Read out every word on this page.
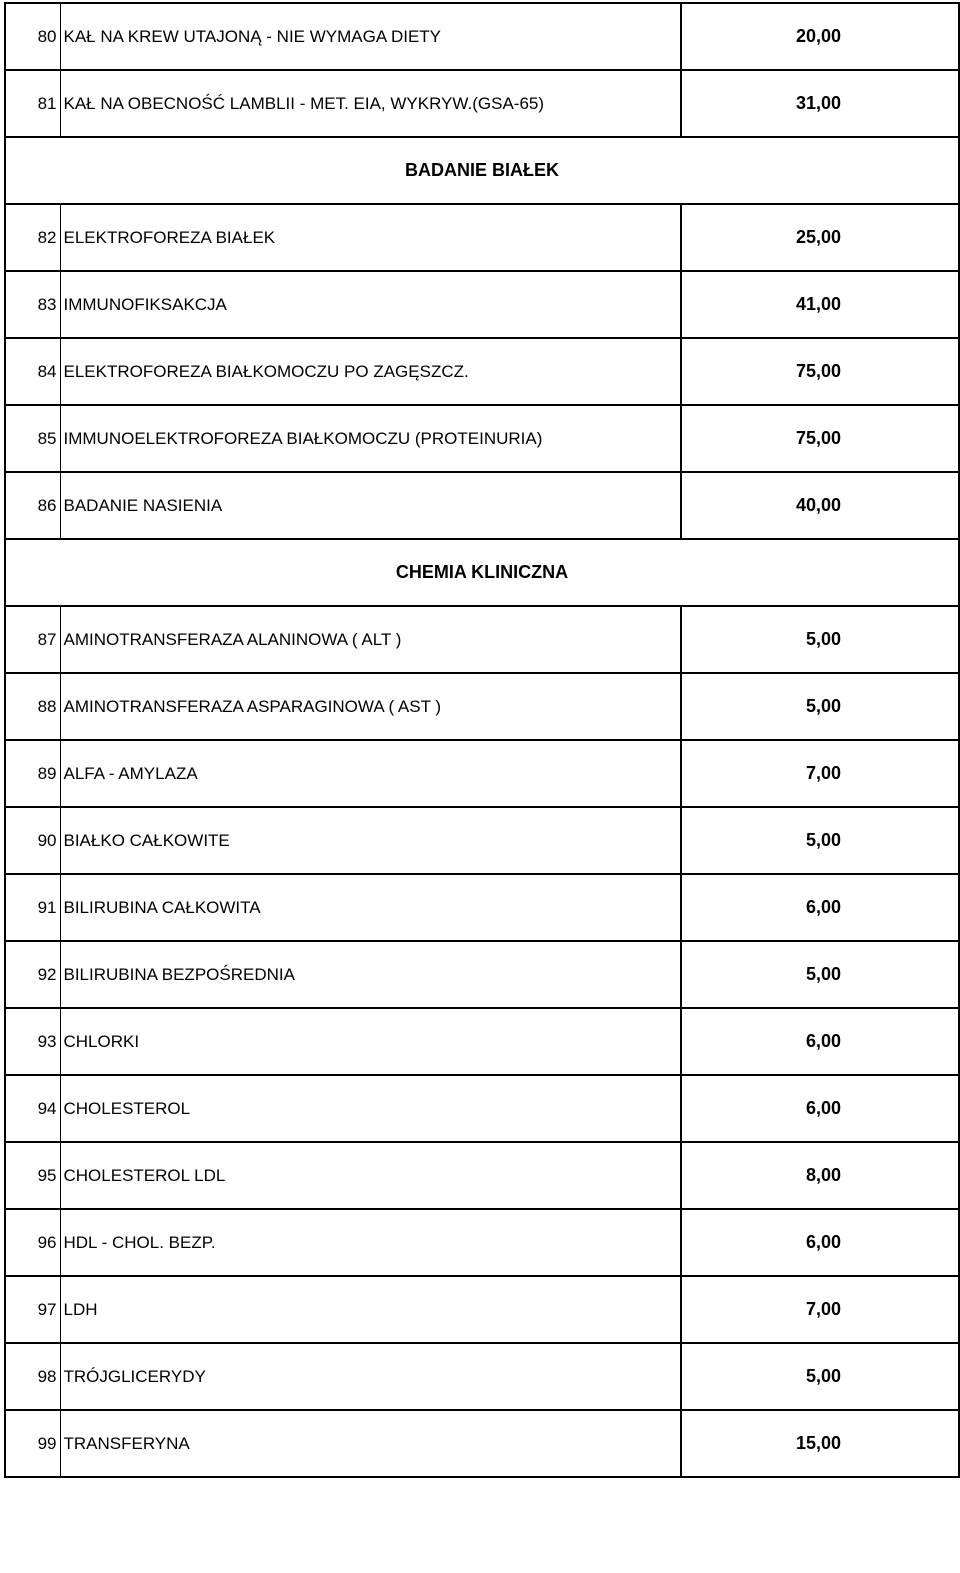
80	KAŁ NA KREW UTAJONĄ - NIE WYMAGA DIETY	20,00
81	KAŁ NA OBECNOŚĆ LAMBLII - MET. EIA, WYKRYW.(GSA-65)	31,00
BADANIE BIAŁEK		
82	ELEKTROFOREZA BIAŁEK	25,00
83	IMMUNOFIKSAKCJA	41,00
84	ELEKTROFOREZA BIAŁKOMOCZU PO ZAGĘSZCZ.	75,00
85	IMMUNOELEKTROFOREZA BIAŁKOMOCZU (PROTEINURIA)	75,00
86	BADANIE NASIENIA	40,00
CHEMIA KLINICZNA		
87	AMINOTRANSFERAZA ALANINOWA ( ALT )	5,00
88	AMINOTRANSFERAZA ASPARAGINOWA ( AST )	5,00
89	ALFA - AMYLAZA	7,00
90	BIAŁKO CAŁKOWITE	5,00
91	BILIRUBINA CAŁKOWITA	6,00
92	BILIRUBINA BEZPOŚREDNIA	5,00
93	CHLORKI	6,00
94	CHOLESTEROL	6,00
95	CHOLESTEROL LDL	8,00
96	HDL - CHOL. BEZP.	6,00
97	LDH	7,00
98	TRÓJGLICERYDY	5,00
99	TRANSFERYNA	15,00
